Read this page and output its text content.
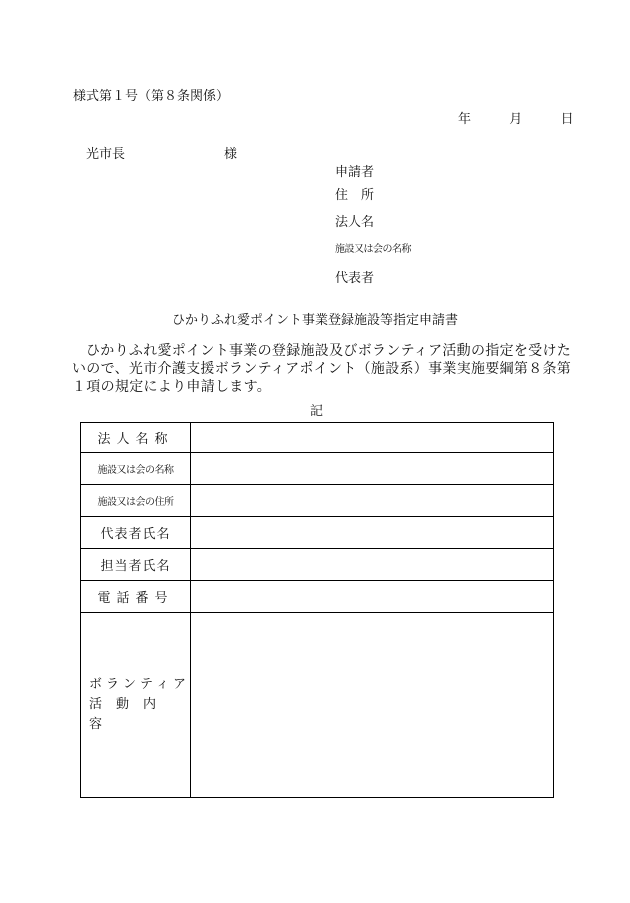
様式第１号（第８条関係）
年	月	日
光市長	様
申請者
住　所
法人名
施設又は会の名称
代表者
ひかりふれ愛ポイント事業登録施設等指定申請書
ひかりふれ愛ポイント事業の登録施設及びボランティア活動の指定を受けた
いので、光市介護支援ボランティアポイント（施設系）事業実施要綱第８条第
１項の規定により申請します。
記
法人名称	
施設又は会の名称	
施設又は会の住所	
代表者氏名	
担当者氏名	
電話番号	

ボランティア
活動内容	
